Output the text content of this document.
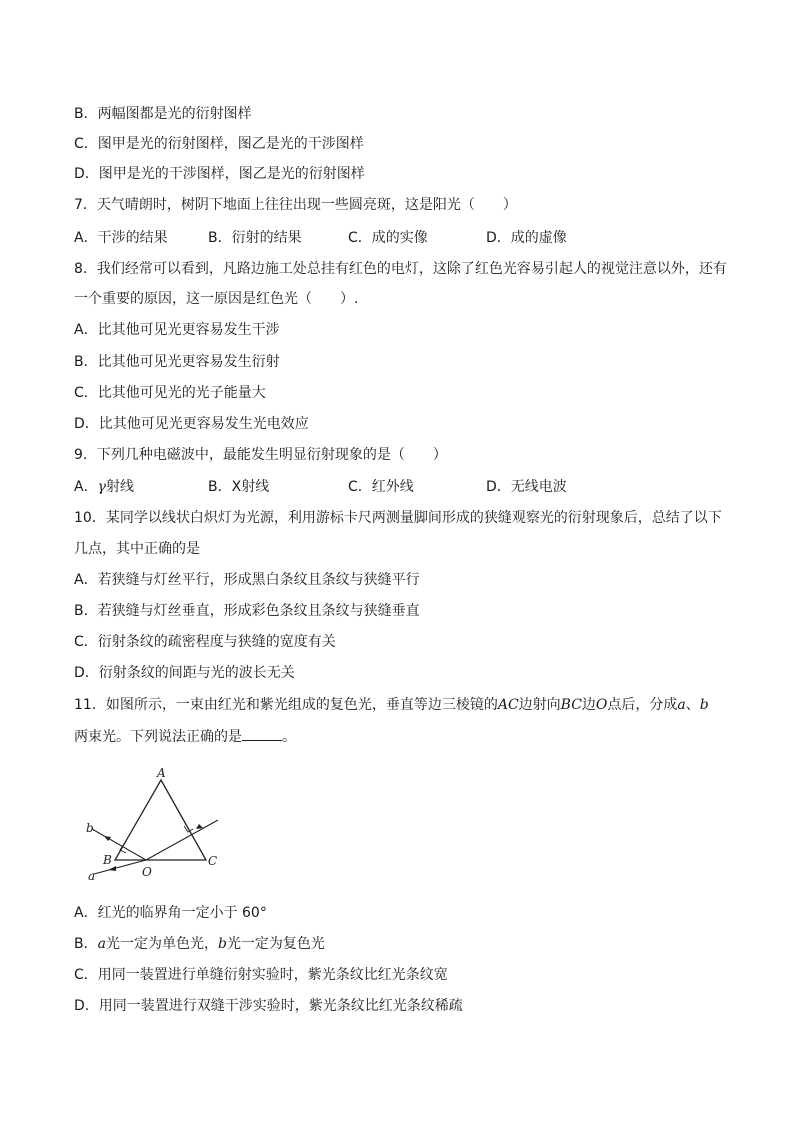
B．两幅图都是光的衍射图样
C．图甲是光的衍射图样，图乙是光的干涉图样
D．图甲是光的干涉图样，图乙是光的衍射图样
7．天气晴朗时，树阴下地面上往往出现一些圆亮斑，这是阳光（　　）
A．干涉的结果	B．衍射的结果	C．成的实像	D．成的虚像
8．我们经常可以看到，凡路边施工处总挂有红色的电灯，这除了红色光容易引起人的视觉注意以外，还有
一个重要的原因，这一原因是红色光（　　）.
A．比其他可见光更容易发生干涉
B．比其他可见光更容易发生衍射
C．比其他可见光的光子能量大
D．比其他可见光更容易发生光电效应
9．下列几种电磁波中，最能发生明显衍射现象的是（　　）
A．γ射线	B．X射线	C．红外线	D．无线电波
10．某同学以线状白炽灯为光源，利用游标卡尺两测量脚间形成的狭缝观察光的衍射现象后，总结了以下
几点，其中正确的是
A．若狭缝与灯丝平行，形成黑白条纹且条纹与狭缝平行
B．若狭缝与灯丝垂直，形成彩色条纹且条纹与狭缝垂直
C．衍射条纹的疏密程度与狭缝的宽度有关
D．衍射条纹的间距与光的波长无关
11．如图所示，一束由红光和紫光组成的复色光，垂直等边三棱镜的AC边射向BC边O点后，分成a、b
两束光。下列说法正确的是	。
A
B	C
O
b
a
A．红光的临界角一定小于 60°
B．a光一定为单色光，b光一定为复色光
C．用同一装置进行单缝衍射实验时，紫光条纹比红光条纹宽
D．用同一装置进行双缝干涉实验时，紫光条纹比红光条纹稀疏
